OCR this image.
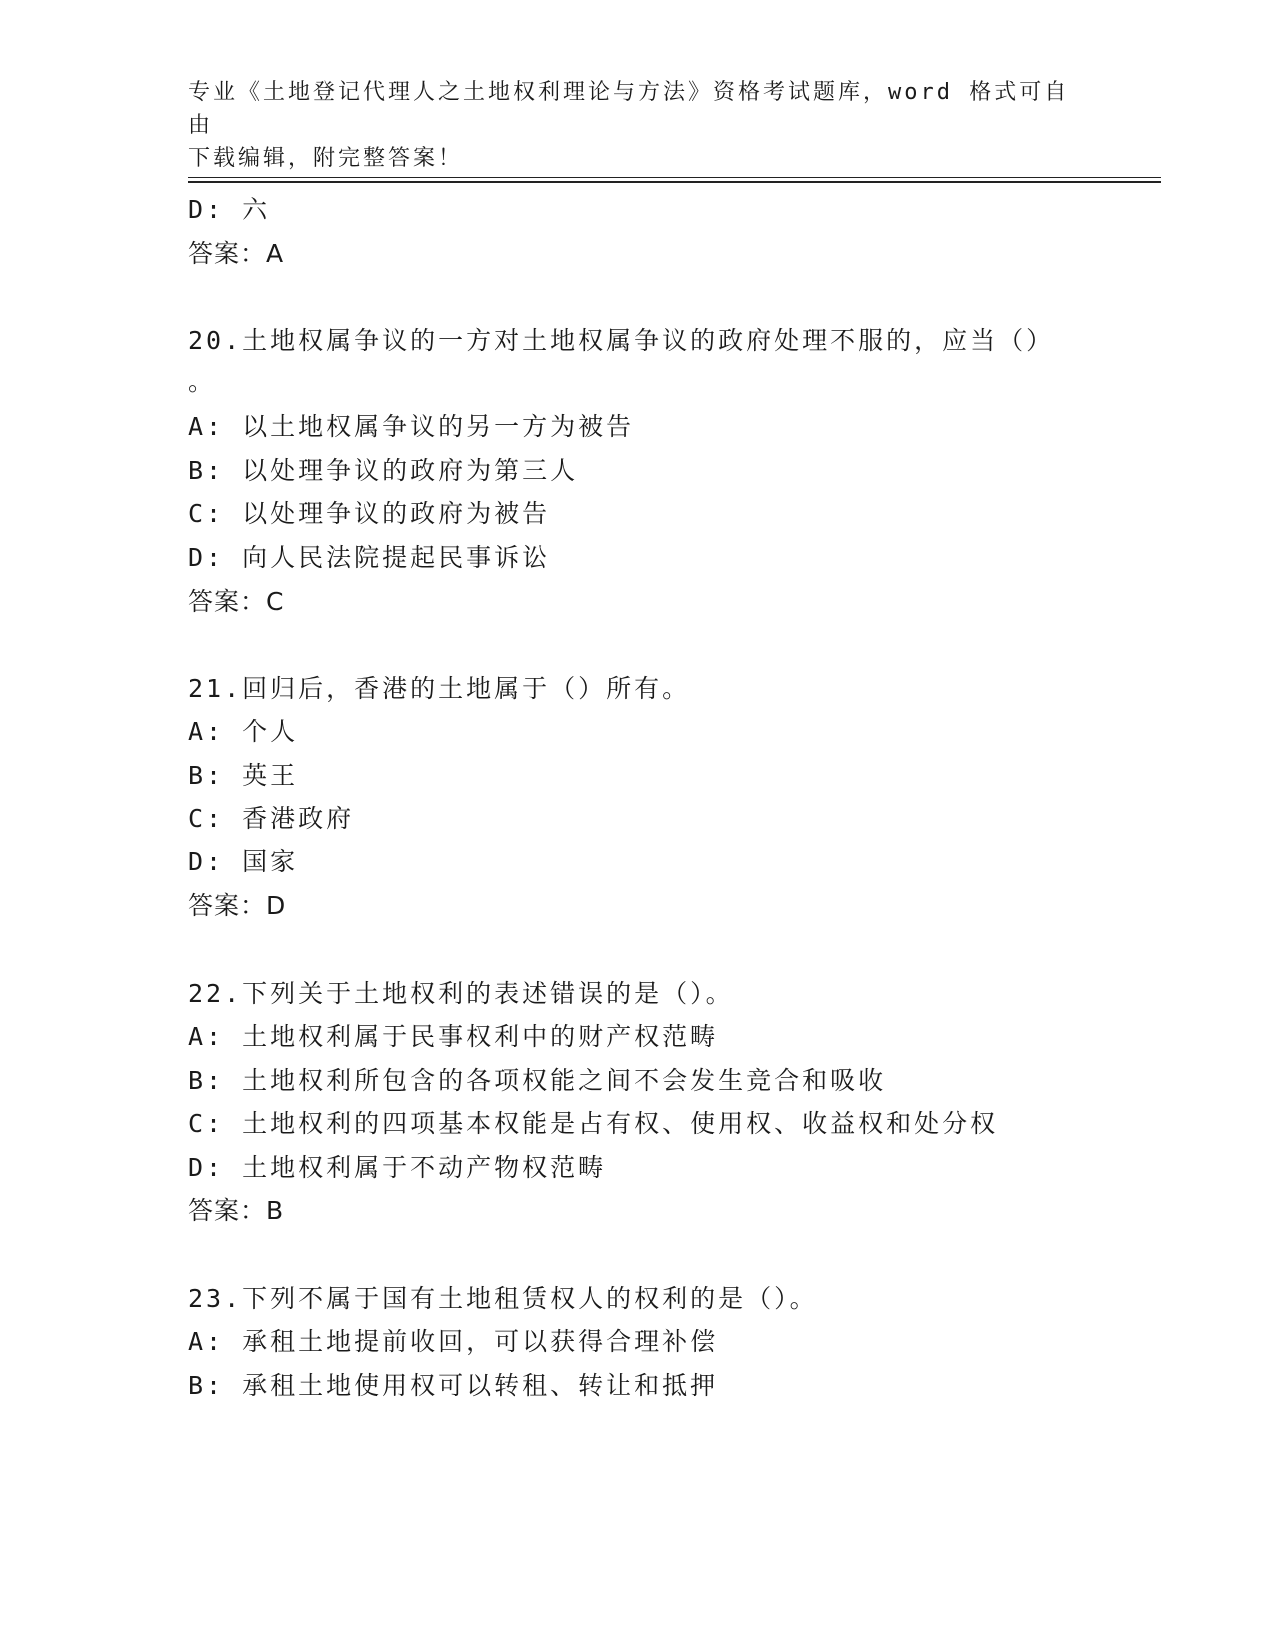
专业《土地登记代理人之土地权利理论与方法》资格考试题库，word 格式可自由
下载编辑，附完整答案！
D: 六
答案：A
20.土地权属争议的一方对土地权属争议的政府处理不服的，应当（）
。
A: 以土地权属争议的另一方为被告
B: 以处理争议的政府为第三人
C: 以处理争议的政府为被告
D: 向人民法院提起民事诉讼
答案：C
21.回归后，香港的土地属于（）所有。
A: 个人
B: 英王
C: 香港政府
D: 国家
答案：D
22.下列关于土地权利的表述错误的是（）。
A: 土地权利属于民事权利中的财产权范畴
B: 土地权利所包含的各项权能之间不会发生竞合和吸收
C: 土地权利的四项基本权能是占有权、使用权、收益权和处分权
D: 土地权利属于不动产物权范畴
答案：B
23.下列不属于国有土地租赁权人的权利的是（）。
A: 承租土地提前收回，可以获得合理补偿
B: 承租土地使用权可以转租、转让和抵押
